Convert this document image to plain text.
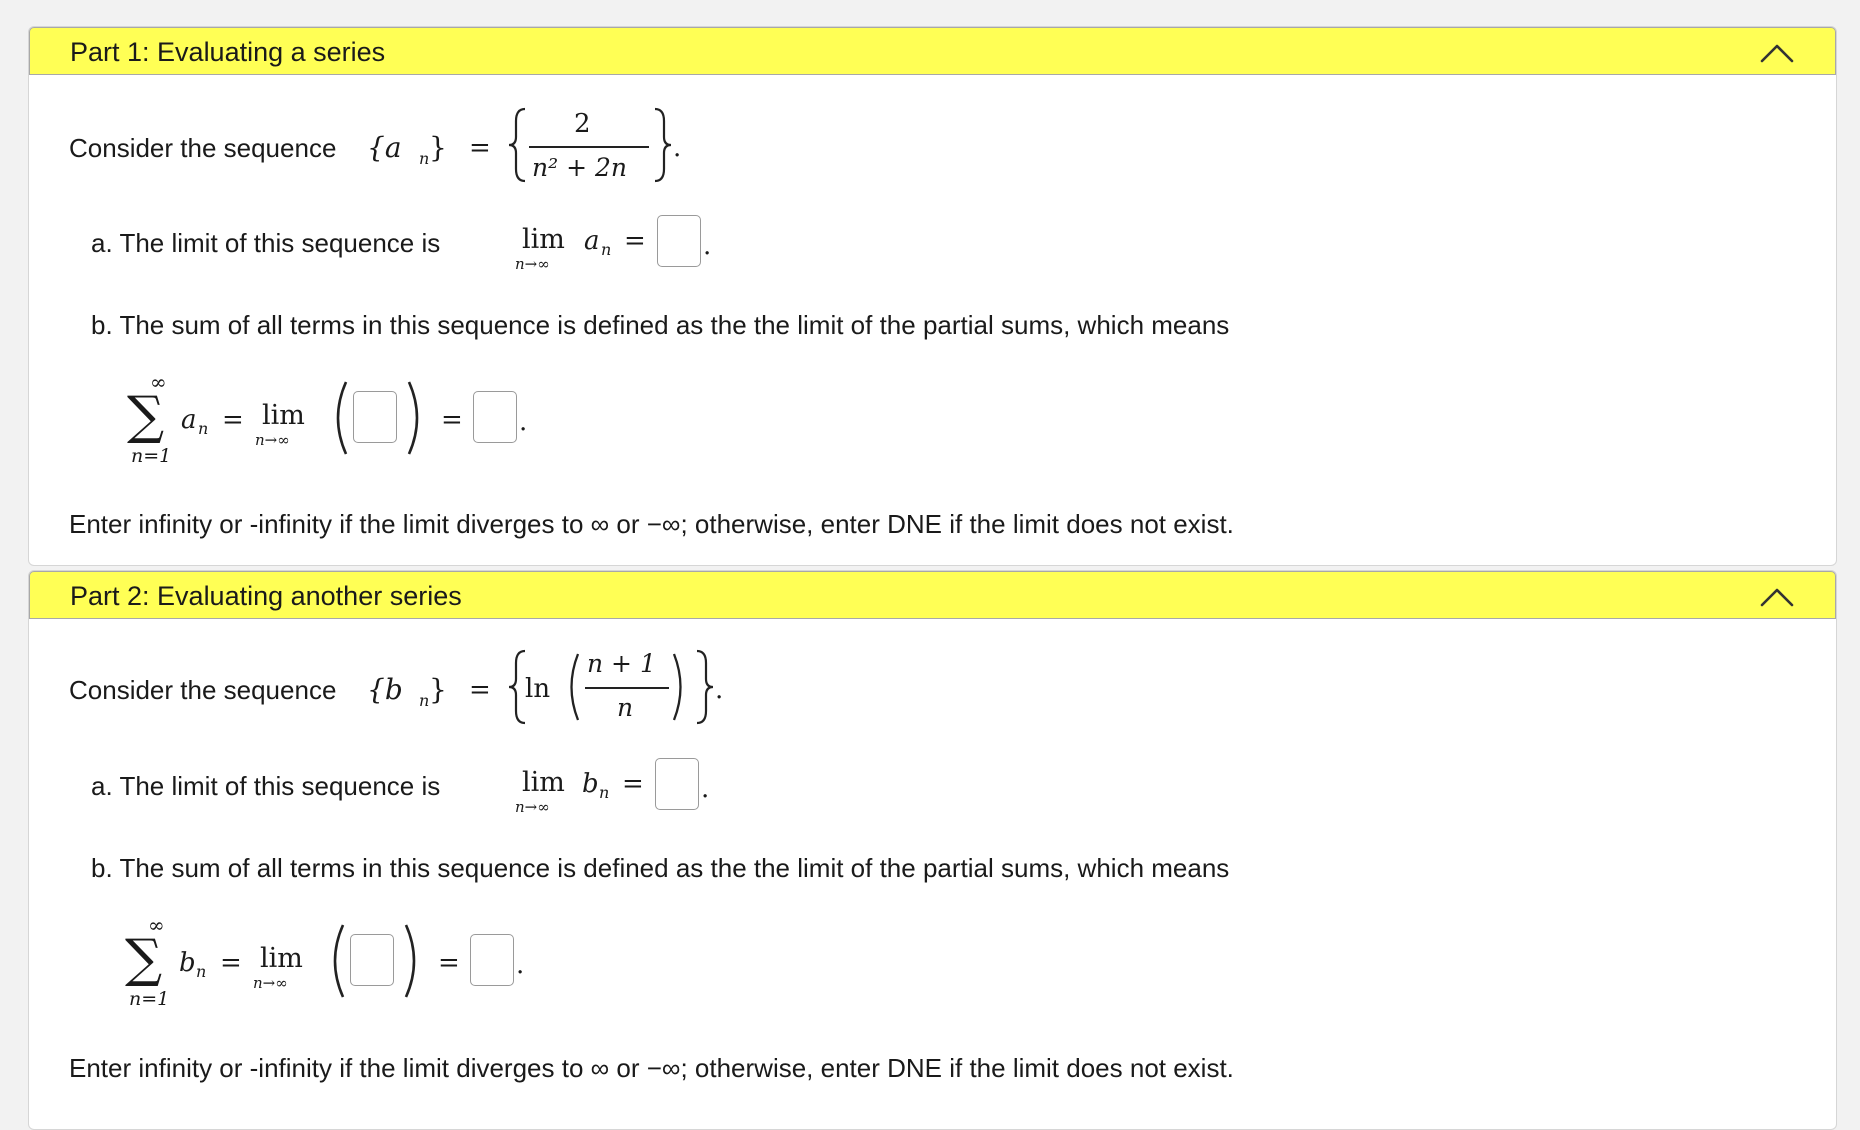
Part 1: Evaluating a series
Consider the sequence {a n } =
2
n² + 2n
.
a. The limit of this sequence is	lim
n→∞
a n = .
b. The sum of all terms in this sequence is defined as the the limit of the partial sums, which means
∞
∑
n=1
a n = lim
n→∞
= .
Enter infinity or -infinity if the limit diverges to ∞ or −∞; otherwise, enter DNE if the limit does not exist.
Part 2: Evaluating another series
Consider the sequence {b n } = ln
n + 1
n
.
a. The limit of this sequence is	lim
n→∞
b n = .
b. The sum of all terms in this sequence is defined as the the limit of the partial sums, which means
∞
∑
n=1
b n = lim
n→∞
= .
Enter infinity or -infinity if the limit diverges to ∞ or −∞; otherwise, enter DNE if the limit does not exist.
